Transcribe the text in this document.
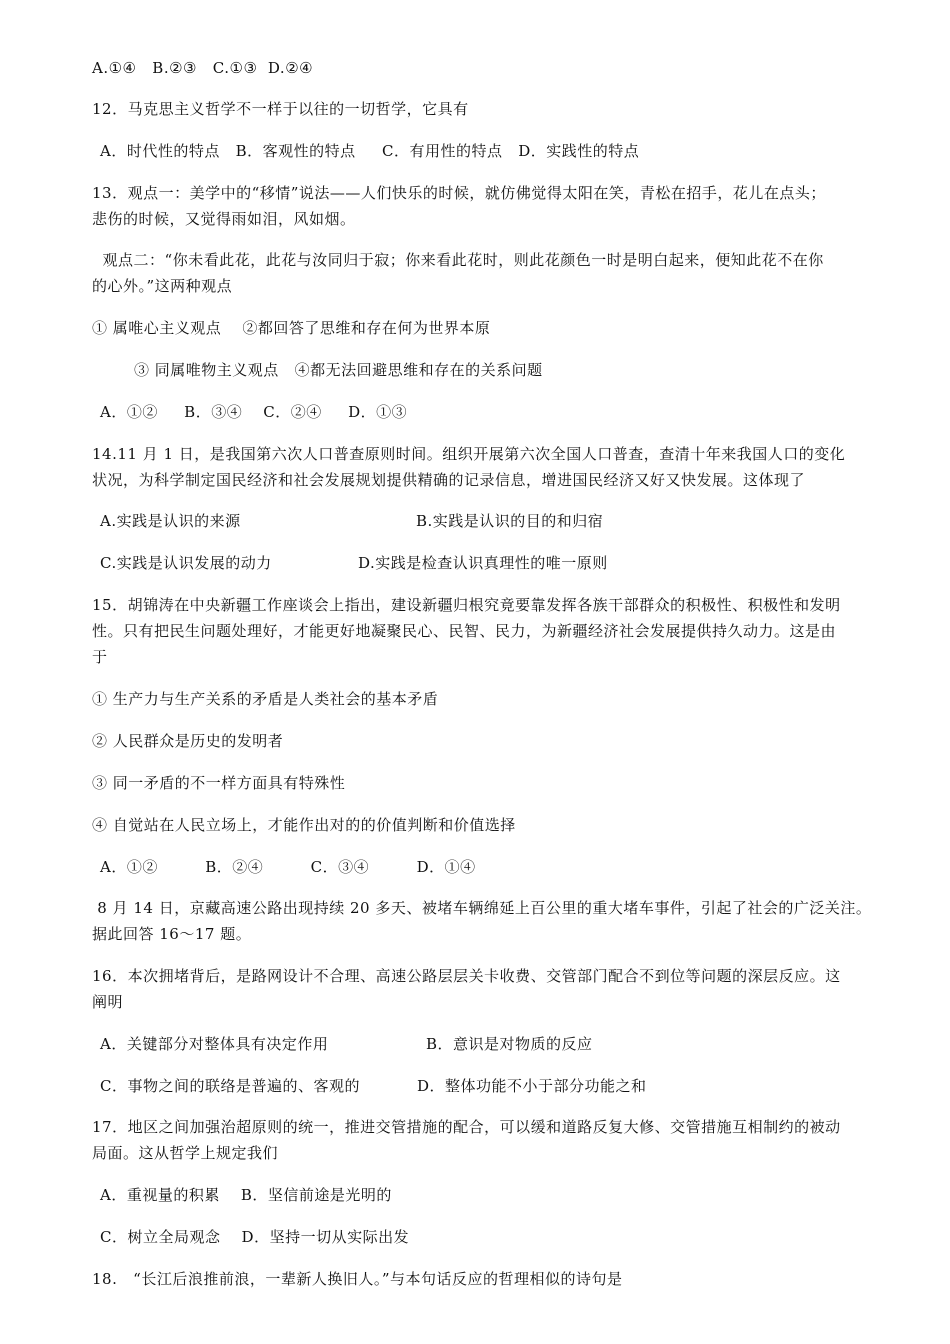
A.①④   B.②③   C.①③  D.②④
12．马克思主义哲学不一样于以往的一切哲学，它具有
A．时代性的特点   B．客观性的特点     C．有用性的特点   D．实践性的特点
13．观点一：美学中的“移情”说法——人们快乐的时候，就仿佛觉得太阳在笑，青松在招手，花儿在点头；
悲伤的时候，又觉得雨如泪，风如烟。
观点二：“你未看此花，此花与汝同归于寂；你来看此花时，则此花颜色一时是明白起来，便知此花不在你
的心外。”这两种观点
① 属唯心主义观点    ②都回答了思维和存在何为世界本原
③ 同属唯物主义观点   ④都无法回避思维和存在的关系问题
A．①②     B．③④    C．②④     D．①③
14.11 月 1 日，是我国第六次人口普查原则时间。组织开展第六次全国人口普查，查清十年来我国人口的变化
状况，为科学制定国民经济和社会发展规划提供精确的记录信息，增进国民经济又好又快发展。这体现了
A.实践是认识的来源	B.实践是认识的目的和归宿
C.实践是认识发展的动力	D.实践是检查认识真理性的唯一原则
15．胡锦涛在中央新疆工作座谈会上指出，建设新疆归根究竟要靠发挥各族干部群众的积极性、积极性和发明
性。只有把民生问题处理好，才能更好地凝聚民心、民智、民力，为新疆经济社会发展提供持久动力。这是由
于
① 生产力与生产关系的矛盾是人类社会的基本矛盾
② 人民群众是历史的发明者
③ 同一矛盾的不一样方面具有特殊性
④ 自觉站在人民立场上，才能作出对的的价值判断和价值选择
A．①②         B．②④         C．③④         D．①④
8 月 14 日，京藏高速公路出现持续 20 多天、被堵车辆绵延上百公里的重大堵车事件，引起了社会的广泛关注。
据此回答 16～17 题。
16．本次拥堵背后，是路网设计不合理、高速公路层层关卡收费、交管部门配合不到位等问题的深层反应。这
阐明
A．关键部分对整体具有决定作用	B．意识是对物质的反应
C．事物之间的联络是普遍的、客观的	D．整体功能不小于部分功能之和
17．地区之间加强治超原则的统一，推进交管措施的配合，可以缓和道路反复大修、交管措施互相制约的被动
局面。这从哲学上规定我们
A．重视量的积累    B．坚信前途是光明的
C．树立全局观念    D．坚持一切从实际出发
18.   “长江后浪推前浪，一辈新人换旧人。”与本句话反应的哲理相似的诗句是
